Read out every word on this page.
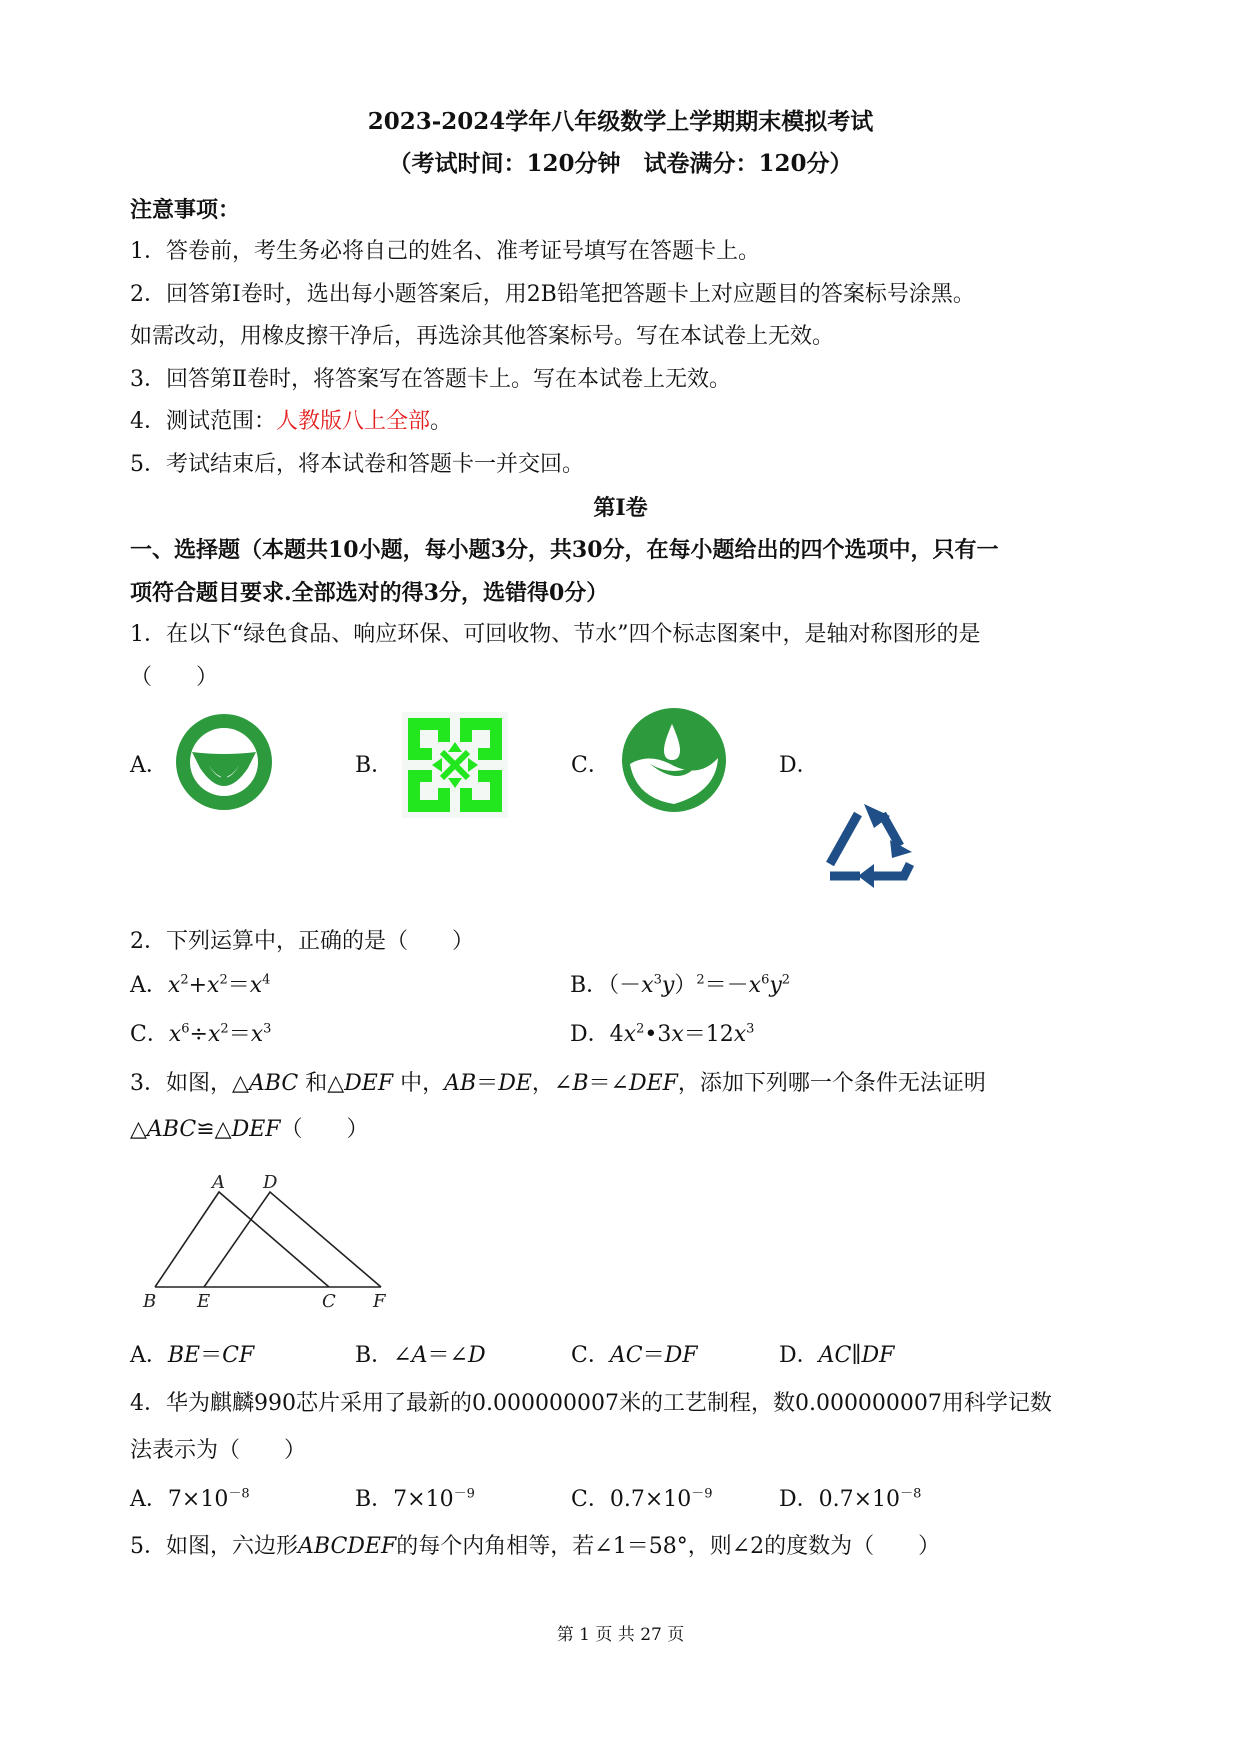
2023-2024学年八年级数学上学期期末模拟考试
（考试时间：120分钟　试卷满分：120分）
注意事项：
1．答卷前，考生务必将自己的姓名、准考证号填写在答题卡上。
2．回答第Ⅰ卷时，选出每小题答案后，用2B铅笔把答题卡上对应题目的答案标号涂黑。
如需改动，用橡皮擦干净后，再选涂其他答案标号。写在本试卷上无效。
3．回答第Ⅱ卷时，将答案写在答题卡上。写在本试卷上无效。
4．测试范围：人教版八上全部。
5．考试结束后，将本试卷和答题卡一并交回。
第Ⅰ卷
一、选择题（本题共10小题，每小题3分，共30分，在每小题给出的四个选项中，只有一
项符合题目要求.全部选对的得3分，选错得0分）
1．在以下“绿色食品、响应环保、可回收物、节水”四个标志图案中，是轴对称图形的是
（　　）
A．	B．	C．	D．
2．下列运算中，正确的是（　　）
A．$x^2+x^2=x^4$	B．$(-x^3y)^2=-x^6y^2$
C．$x^6\div x^2=x^3$	D．$4x^2•3x=12x^3$
3．如图，△ABC 和△DEF 中，AB＝DE，∠B＝∠DEF，添加下列哪一个条件无法证明
△ABC≌△DEF（　　）
A D
B E	C F
A．BE＝CF	B．∠A＝∠D	C．AC＝DF	D．AC∥DF
4．华为麒麟990芯片采用了最新的0.000000007米的工艺制程，数0.000000007用科学记数
法表示为（　　）
A．$7\times 10^{-8}$	B．$7\times 10^{-9}$	C．$0.7\times 10^{-9}$	D．$0.7\times 10^{-8}$
5．如图，六边形ABCDEF的每个内角相等，若∠1＝58°，则∠2的度数为（　　）
第 1 页 共 27 页
